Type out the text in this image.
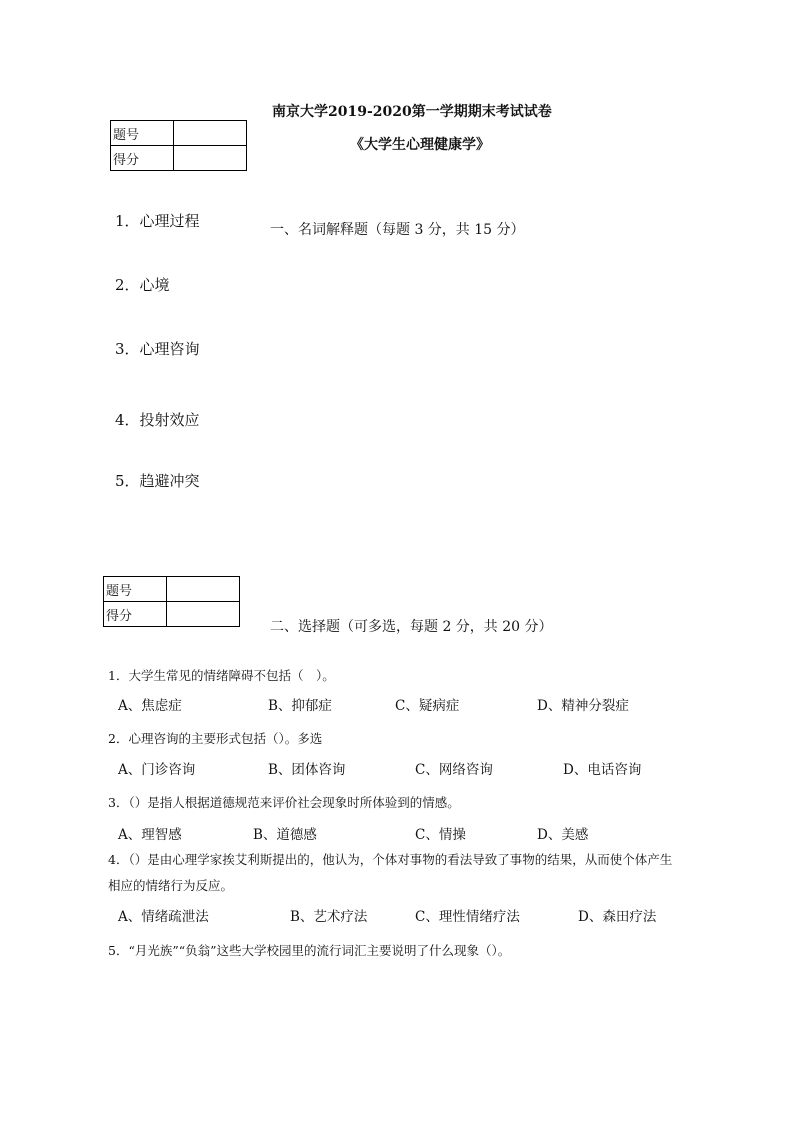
南京大学2019-2020第一学期期末考试试卷
《大学生心理健康学》
题号	
得分	
一、名词解释题（每题 3 分，共 15 分）
1．心理过程
2．心境
3．心理咨询
4．投射效应
5．趋避冲突
题号	
得分	
二、选择题（可多选，每题 2 分，共 20 分）
1．大学生常见的情绪障碍不包括（　）。
A、焦虑症	B、抑郁症	C、疑病症	D、精神分裂症
2．心理咨询的主要形式包括（）。多选
A、门诊咨询	B、团体咨询	C、网络咨询	D、电话咨询
3．（）是指人根据道德规范来评价社会现象时所体验到的情感。
A、理智感	B、道德感	C、情操	D、美感
4．（）是由心理学家挨艾利斯提出的，他认为，个体对事物的看法导致了事物的结果，从而使个体产生
相应的情绪行为反应。
A、情绪疏泄法	B、艺术疗法	C、理性情绪疗法	D、森田疗法
5．“月光族”“负翁”这些大学校园里的流行词汇主要说明了什么现象（）。
